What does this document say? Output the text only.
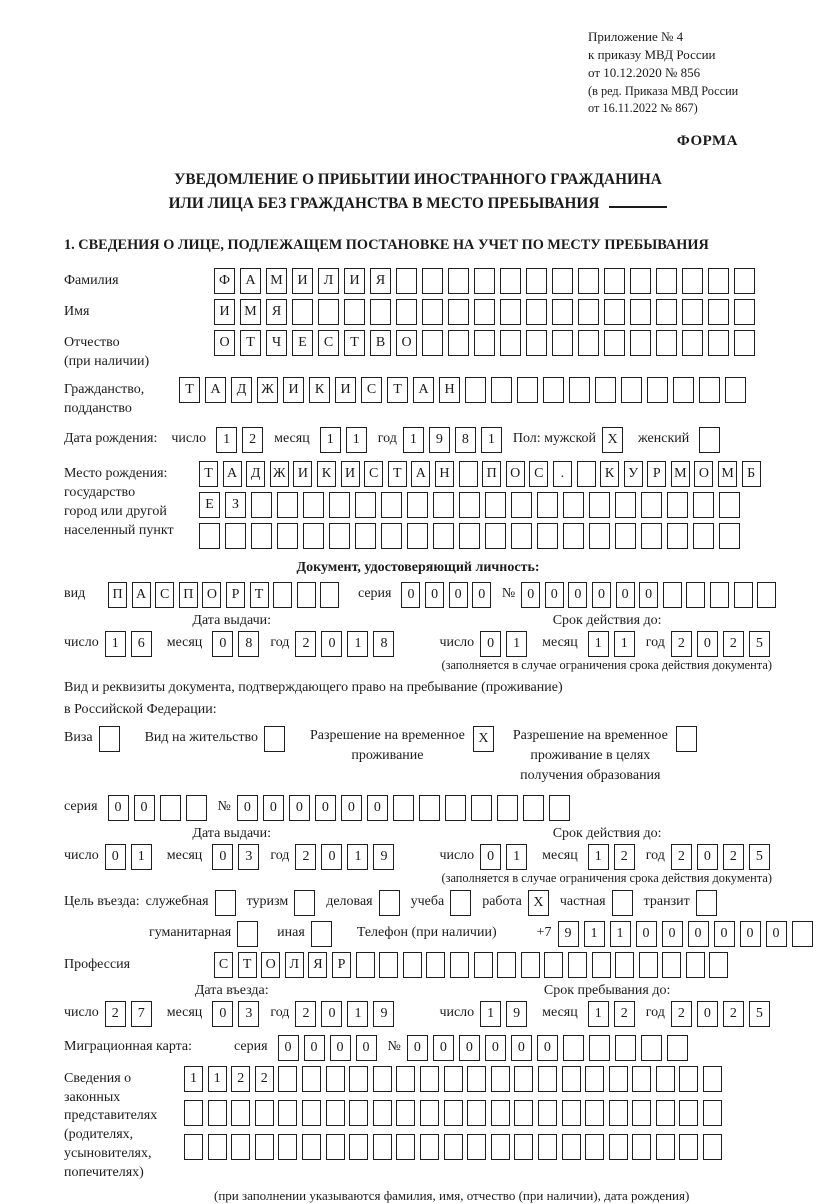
Приложение № 4
к приказу МВД России
от 10.12.2020 № 856
(в ред. Приказа МВД России
от 16.11.2022 № 867)
ФОРМА
УВЕДОМЛЕНИЕ О ПРИБЫТИИ ИНОСТРАННОГО ГРАЖДАНИНА
ИЛИ ЛИЦА БЕЗ ГРАЖДАНСТВА В МЕСТО ПРЕБЫВАНИЯ
1. СВЕДЕНИЯ О ЛИЦЕ, ПОДЛЕЖАЩЕМ ПОСТАНОВКЕ НА УЧЕТ ПО МЕСТУ ПРЕБЫВАНИЯ
Фамилия	Ф	А	М	И	Л	И	Я
Имя	И	М	Я
Отчество
(при наличии)
О	Т	Ч	Е	С	Т	В	О
Гражданство,
подданство
Т	А	Д	Ж	И	К	И	С	Т	А	Н
Дата рождения: число	1	2	месяц	1	1	год 1	9	8	1	Пол: мужской X	женский
Место рождения:
государство
город или другой
населенный пункт
Т	А Д Ж И К И С	Т	А Н	П О С	.	К У	Р М О М Б
Е	З
Документ, удостоверяющий личность:
вид	П А С П О	Р	Т	серия	0	0	0	0	№ 0	0	0	0	0	0
Дата выдачи:
число 1	6	месяц	0	8	год 2	0	1	8
Срок действия до:
число 0	1	месяц	1	1	год 2	0	2	5
(заполняется в случае ограничения срока действия документа)
Вид и реквизиты документа, подтверждающего право на пребывание (проживание)
в Российской Федерации:
Виза	Вид на жительство	Разрешение на временное
проживание
X	Разрешение на временное
проживание в целях
получения образования
серия	0	0	№ 0	0	0	0	0	0
Дата выдачи:
число 0	1	месяц	0	3	год 2	0	1	9
Срок действия до:
число 0	1	месяц	1	2	год 2	0	2	5
(заполняется в случае ограничения срока действия документа)
Цель въезда: служебная	туризм	деловая	учеба	работа X	частная	транзит
гуманитарная	иная	Телефон (при наличии)	+7 9	1	1	0	0	0	0	0	0
Профессия	С	Т	О Л	Я	Р
Дата въезда:
число 2	7	месяц	0	3	год 2	0	1	9
Срок пребывания до:
число 1	9	месяц	1	2	год 2	0	2	5
Миграционная карта:	серия	0	0	0	0	№ 0	0	0	0	0	0
Сведения о
законных
представителях
(родителях,
усыновителях,
попечителях)
1	1	2	2
(при заполнении указываются фамилия, имя, отчество (при наличии), дата рождения)
